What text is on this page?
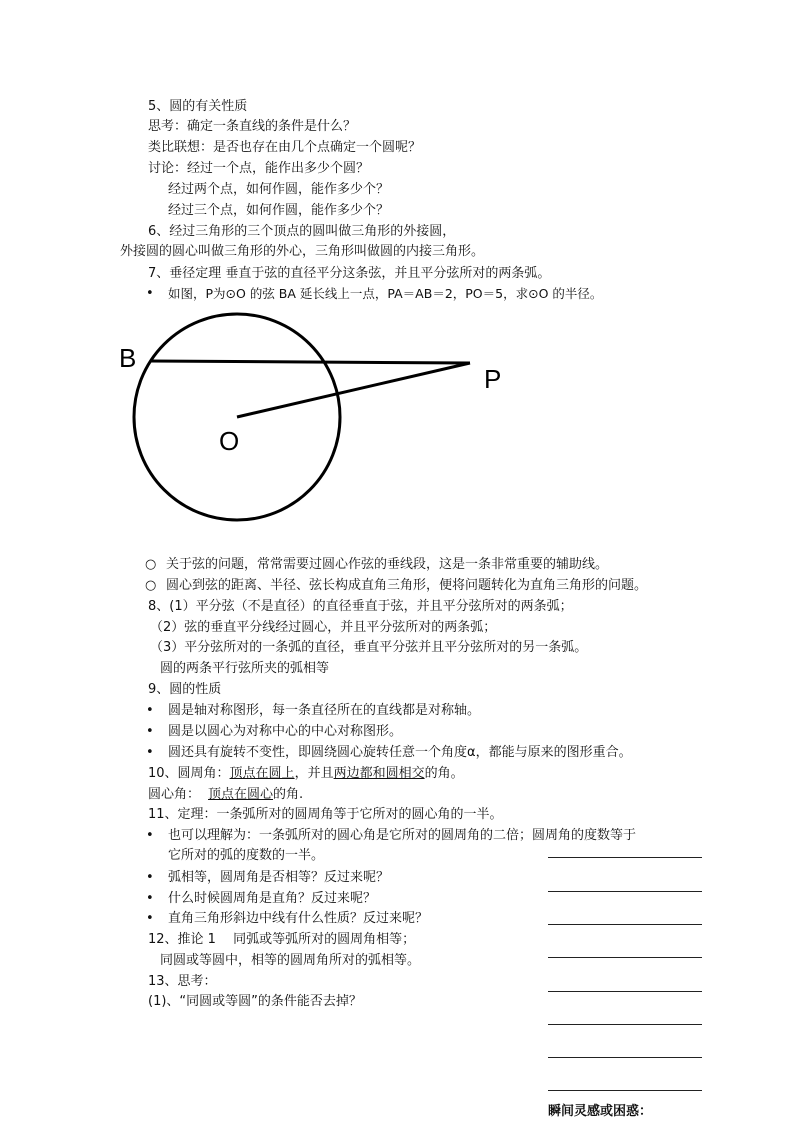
5、圆的有关性质
思考：确定一条直线的条件是什么？
类比联想：是否也存在由几个点确定一个圆呢？
讨论：经过一个点，能作出多少个圆？
经过两个点，如何作圆，能作多少个？
经过三个点，如何作圆，能作多少个？
6、经过三角形的三个顶点的圆叫做三角形的外接圆，
外接圆的圆心叫做三角形的外心，三角形叫做圆的内接三角形。
7、垂径定理 垂直于弦的直径平分这条弦，并且平分弦所对的两条弧。
• 如图，P为⊙O 的弦 BA 延长线上一点，PA＝AB＝2，PO＝5，求⊙O 的半径。
B
P
O
○ 关于弦的问题，常常需要过圆心作弦的垂线段，这是一条非常重要的辅助线。
○ 圆心到弦的距离、半径、弦长构成直角三角形，便将问题转化为直角三角形的问题。
8、(1）平分弦（不是直径）的直径垂直于弦，并且平分弦所对的两条弧；
（2）弦的垂直平分线经过圆心，并且平分弦所对的两条弧；
（3）平分弦所对的一条弧的直径，垂直平分弦并且平分弦所对的另一条弧。
圆的两条平行弦所夹的弧相等
9、圆的性质
• 圆是轴对称图形，每一条直径所在的直线都是对称轴。
• 圆是以圆心为对称中心的中心对称图形。
• 圆还具有旋转不变性，即圆绕圆心旋转任意一个角度α，都能与原来的图形重合。
10、圆周角：顶点在圆上，并且两边都和圆相交的角。
圆心角： 顶点在圆心的角.
11、定理：一条弧所对的圆周角等于它所对的圆心角的一半。
• 也可以理解为：一条弧所对的圆心角是它所对的圆周角的二倍；圆周角的度数等于
它所对的弧的度数的一半。
• 弧相等，圆周角是否相等？反过来呢？
• 什么时候圆周角是直角？反过来呢？
• 直角三角形斜边中线有什么性质？反过来呢？
12、推论 1　 同弧或等弧所对的圆周角相等；
同圆或等圆中，相等的圆周角所对的弧相等。
13、思考：
(1)、“同圆或等圆”的条件能否去掉？
瞬间灵感或困惑：
